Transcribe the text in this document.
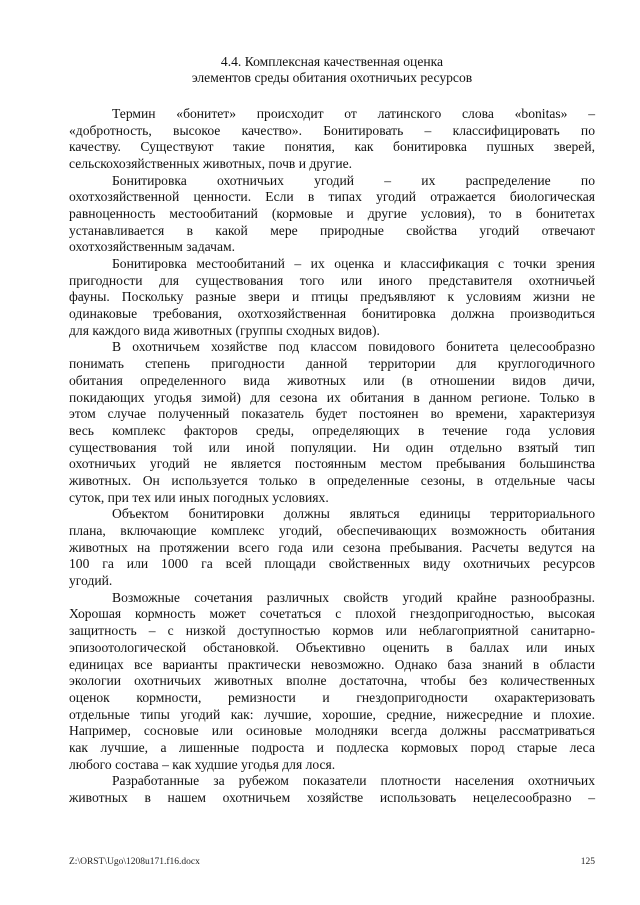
4.4. Комплексная качественная оценка
элементов среды обитания охотничьих ресурсов
Термин «бонитет» происходит от латинского слова «bonitas» –
«добротность, высокое качество». Бонитировать – классифицировать по
качеству. Существуют такие понятия, как бонитировка пушных зверей,
сельскохозяйственных животных, почв и другие.
Бонитировка охотничьих угодий – их распределение по
охотхозяйственной ценности. Если в типах угодий отражается биологическая
равноценность местообитаний (кормовые и другие условия), то в бонитетах
устанавливается в какой мере природные свойства угодий отвечают
охотхозяйственным задачам.
Бонитировка местообитаний – их оценка и классификация с точки зрения
пригодности для существования того или иного представителя охотничьей
фауны. Поскольку разные звери и птицы предъявляют к условиям жизни не
одинаковые требования, охотхозяйственная бонитировка должна производиться
для каждого вида животных (группы сходных видов).
В охотничьем хозяйстве под классом повидового бонитета целесообразно
понимать степень пригодности данной территории для круглогодичного
обитания определенного вида животных или (в отношении видов дичи,
покидающих угодья зимой) для сезона их обитания в данном регионе. Только в
этом случае полученный показатель будет постоянен во времени, характеризуя
весь комплекс факторов среды, определяющих в течение года условия
существования той или иной популяции. Ни один отдельно взятый тип
охотничьих угодий не является постоянным местом пребывания большинства
животных. Он используется только в определенные сезоны, в отдельные часы
суток, при тех или иных погодных условиях.
Объектом бонитировки должны являться единицы территориального
плана, включающие комплекс угодий, обеспечивающих возможность обитания
животных на протяжении всего года или сезона пребывания. Расчеты ведутся на
100 га или 1000 га всей площади свойственных виду охотничьих ресурсов
угодий.
Возможные сочетания различных свойств угодий крайне разнообразны.
Хорошая кормность может сочетаться с плохой гнездопригодностью, высокая
защитность – с низкой доступностью кормов или неблагоприятной санитарно-
эпизоотологической обстановкой. Объективно оценить в баллах или иных
единицах все варианты практически невозможно. Однако база знаний в области
экологии охотничьих животных вполне достаточна, чтобы без количественных
оценок кормности, ремизности и гнездопригодности охарактеризовать
отдельные типы угодий как: лучшие, хорошие, средние, нижесредние и плохие.
Например, сосновые или осиновые молодняки всегда должны рассматриваться
как лучшие, а лишенные подроста и подлеска кормовых пород старые леса
любого состава – как худшие угодья для лося.
Разработанные за рубежом показатели плотности населения охотничьих
животных в нашем охотничьем хозяйстве использовать нецелесообразно –
Z:\ORST\Ugo\1208u171.f16.docx	125
